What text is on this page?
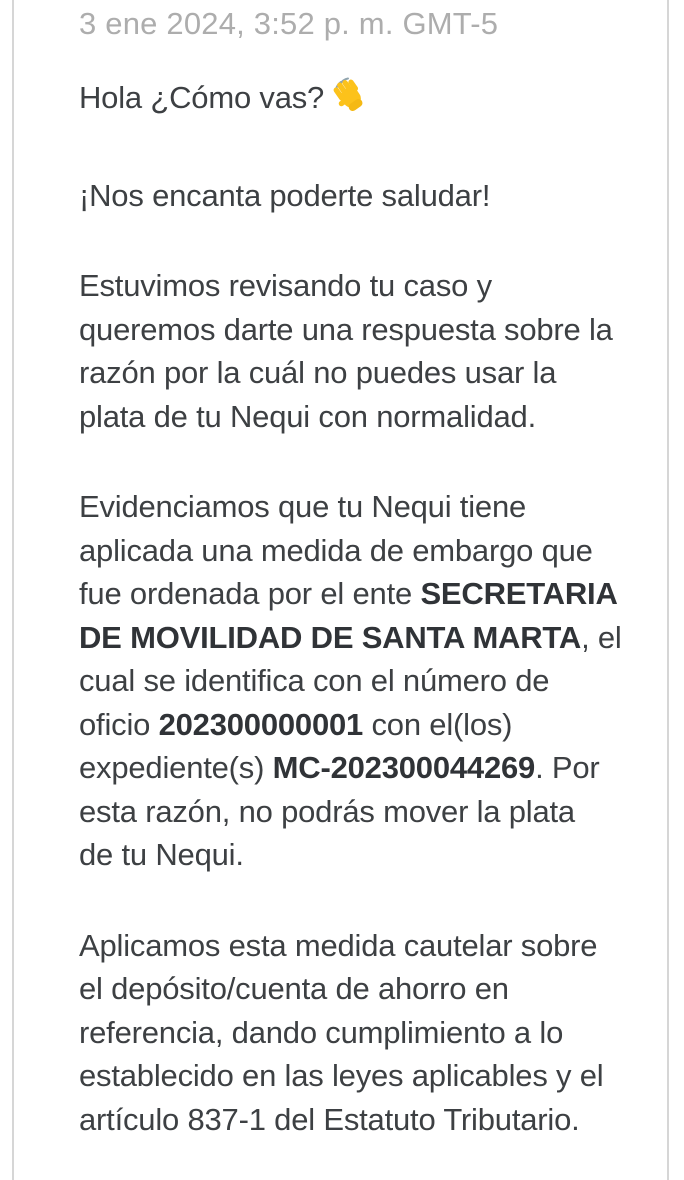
3 ene 2024, 3:52 p. m. GMT-5
Hola ¿Cómo vas?
¡Nos encanta poderte saludar!
Estuvimos revisando tu caso y
queremos darte una respuesta sobre la
razón por la cuál no puedes usar la
plata de tu Nequi con normalidad.
Evidenciamos que tu Nequi tiene
aplicada una medida de embargo que
fue ordenada por el ente SECRETARIA
DE MOVILIDAD DE SANTA MARTA, el
cual se identifica con el número de
oficio 202300000001 con el(los)
expediente(s) MC-202300044269. Por
esta razón, no podrás mover la plata
de tu Nequi.
Aplicamos esta medida cautelar sobre
el depósito/cuenta de ahorro en
referencia, dando cumplimiento a lo
establecido en las leyes aplicables y el
artículo 837-1 del Estatuto Tributario.
